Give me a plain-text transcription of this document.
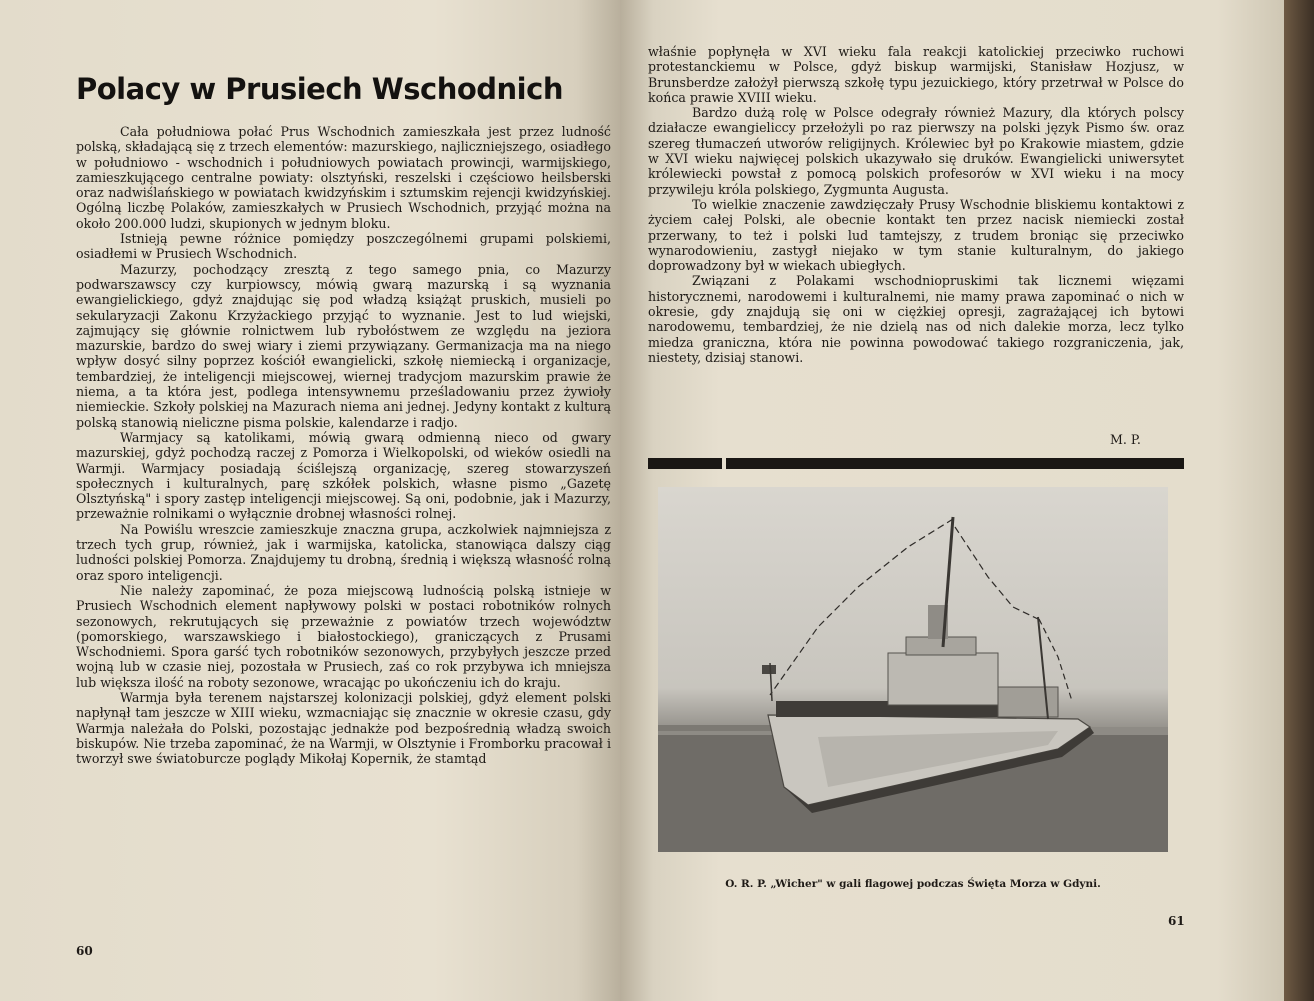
Polacy w Prusiech Wschodnich

Cała południowa połać Prus Wschodnich zamieszkała jest przez ludność polską, składającą się z trzech elementów: mazurskiego, najliczniejszego, osiadłego w południowo - wschodnich i południowych powiatach prowincji, warmijskiego, zamieszkującego centralne powiaty: olsztyński, reszelski i częściowo heilsberski oraz nadwiślańskiego w powiatach kwidzyńskim i sztumskim rejencji kwidzyńskiej. Ogólną liczbę Polaków, zamieszkałych w Prusiech Wschodnich, przyjąć można na około 200.000 ludzi, skupionych w jednym bloku.

Istnieją pewne różnice pomiędzy poszczególnemi grupami polskiemi, osiadłemi w Prusiech Wschodnich.

Mazurzy, pochodzący zresztą z tego samego pnia, co Mazurzy podwarszawscy czy kurpiowscy, mówią gwarą mazurską i są wyznania ewangielickiego, gdyż znajdując się pod władzą książąt pruskich, musieli po sekularyzacji Zakonu Krzyżackiego przyjąć to wyznanie. Jest to lud wiejski, zajmujący się głównie rolnictwem lub rybołóstwem ze względu na jeziora mazurskie, bardzo do swej wiary i ziemi przywiązany. Germanizacja ma na niego wpływ dosyć silny poprzez kościół ewangielicki, szkołę niemiecką i organizacje, tembardziej, że inteligencji miejscowej, wiernej tradycjom mazurskim prawie że niema, a ta która jest, podlega intensywnemu prześladowaniu przez żywioły niemieckie. Szkoły polskiej na Mazurach niema ani jednej. Jedyny kontakt z kulturą polską stanowią nieliczne pisma polskie, kalendarze i radjo.

Warmjacy są katolikami, mówią gwarą odmienną nieco od gwary mazurskiej, gdyż pochodzą raczej z Pomorza i Wielkopolski, od wieków osiedli na Warmji. Warmjacy posiadają ściślejszą organizację, szereg stowarzyszeń społecznych i kulturalnych, parę szkółek polskich, własne pismo „Gazetę Olsztyńską" i spory zastęp inteligencji miejscowej. Są oni, podobnie, jak i Mazurzy, przeważnie rolnikami o wyłącznie drobnej własności rolnej.

Na Powiślu wreszcie zamieszkuje znaczna grupa, aczkolwiek najmniejsza z trzech tych grup, również, jak i warmijska, katolicka, stanowiąca dalszy ciąg ludności polskiej Pomorza. Znajdujemy tu drobną, średnią i większą własność rolną oraz sporo inteligencji.

Nie należy zapominać, że poza miejscową ludnością polską istnieje w Prusiech Wschodnich element napływowy polski w postaci robotników rolnych sezonowych, rekrutujących się przeważnie z powiatów trzech województw (pomorskiego, warszawskiego i białostockiego), graniczących z Prusami Wschodniemi. Spora garść tych robotników sezonowych, przybyłych jeszcze przed wojną lub w czasie niej, pozostała w Prusiech, zaś co rok przybywa ich mniejsza lub większa ilość na roboty sezonowe, wracając po ukończeniu ich do kraju.

Warmja była terenem najstarszej kolonizacji polskiej, gdyż element polski napłynął tam jeszcze w XIII wieku, wzmacniając się znacznie w okresie czasu, gdy Warmja należała do Polski, pozostając jednakże pod bezpośrednią władzą swoich biskupów. Nie trzeba zapominać, że na Warmji, w Olsztynie i Fromborku pracował i tworzył swe światoburcze poglądy Mikołaj Kopernik, że stamtąd

60

właśnie popłynęła w XVI wieku fala reakcji katolickiej przeciwko ruchowi protestanckiemu w Polsce, gdyż biskup warmijski, Stanisław Hozjusz, w Brunsberdze założył pierwszą szkołę typu jezuickiego, który przetrwał w Polsce do końca prawie XVIII wieku.

Bardzo dużą rolę w Polsce odegrały również Mazury, dla których polscy działacze ewangieliccy przełożyli po raz pierwszy na polski język Pismo św. oraz szereg tłumaczeń utworów religijnych. Królewiec był po Krakowie miastem, gdzie w XVI wieku najwięcej polskich ukazywało się druków. Ewangielicki uniwersytet królewiecki powstał z pomocą polskich profesorów w XVI wieku i na mocy przywileju króla polskiego, Zygmunta Augusta.

To wielkie znaczenie zawdzięczały Prusy Wschodnie bliskiemu kontaktowi z życiem całej Polski, ale obecnie kontakt ten przez nacisk niemiecki został przerwany, to też i polski lud tamtejszy, z trudem broniąc się przeciwko wynarodowieniu, zastygł niejako w tym stanie kulturalnym, do jakiego doprowadzony był w wiekach ubiegłych.

Związani z Polakami wschodniopruskimi tak licznemi więzami historycznemi, narodowemi i kulturalnemi, nie mamy prawa zapominać o nich w okresie, gdy znajdują się oni w ciężkiej opresji, zagrażającej ich bytowi narodowemu, tembardziej, że nie dzielą nas od nich dalekie morza, lecz tylko miedza graniczna, która nie powinna powodować takiego rozgraniczenia, jak, niestety, dzisiaj stanowi.

M. P.

O. R. P. „Wicher" w gali flagowej podczas Święta Morza w Gdyni.

61
